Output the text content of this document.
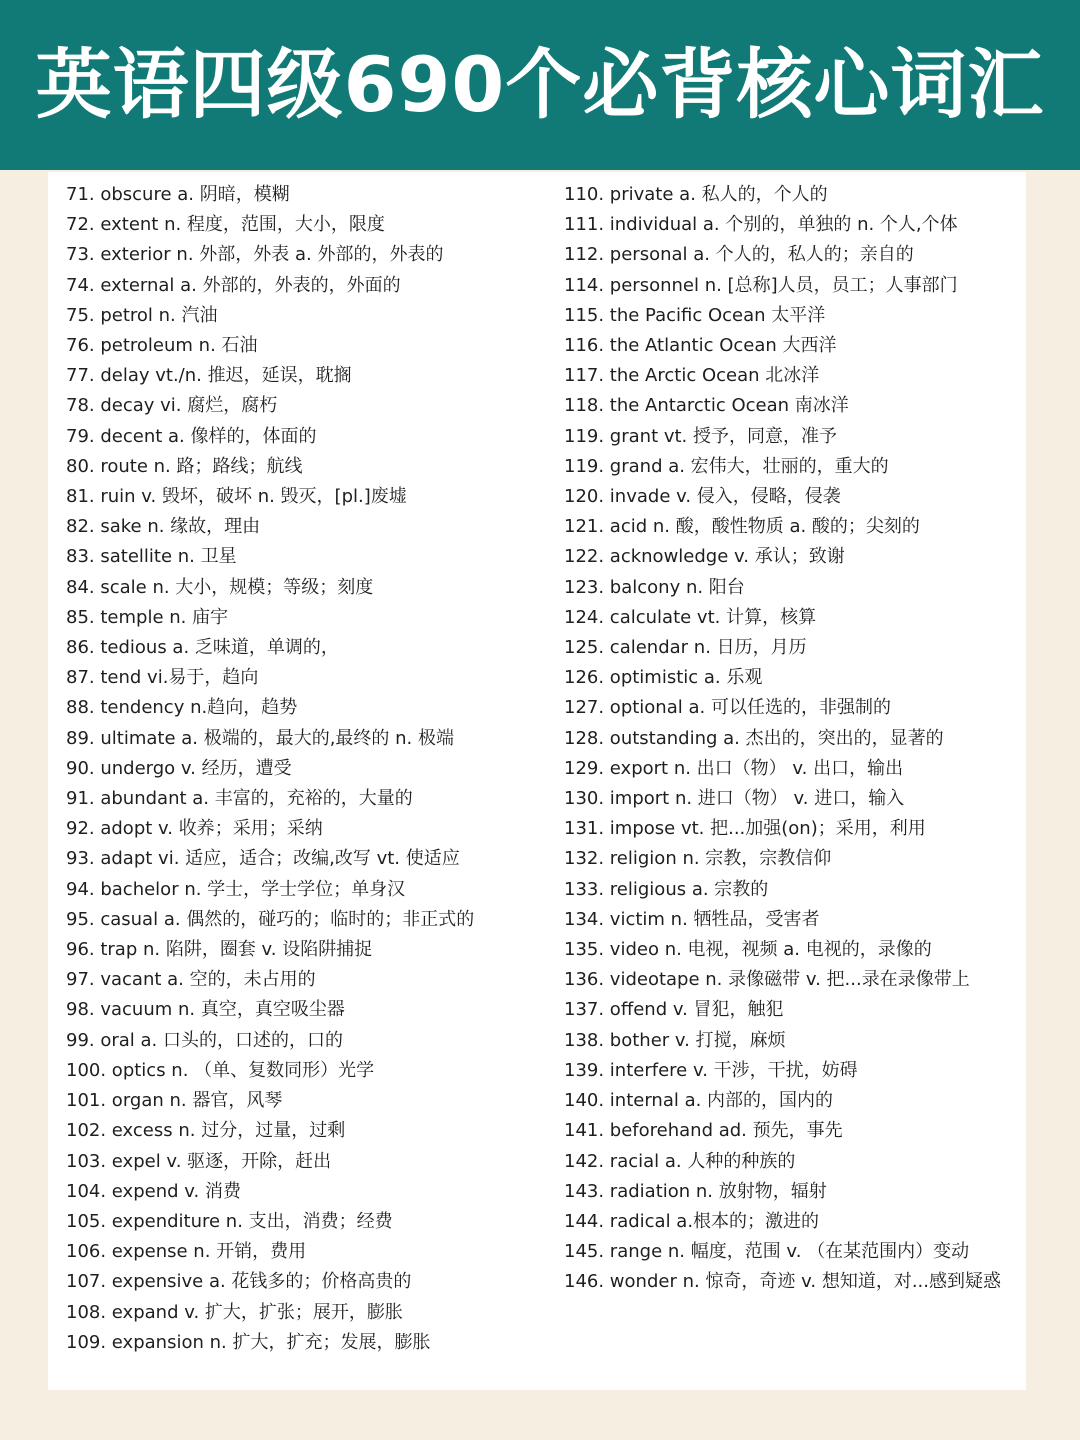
英语四级690个必背核心词汇
71. obscure a. 阴暗，模糊
72. extent n. 程度，范围，大小，限度
73. exterior n. 外部，外表 a. 外部的，外表的
74. external a. 外部的，外表的，外面的
75. petrol n. 汽油
76. petroleum n. 石油
77. delay vt./n. 推迟，延误，耽搁
78. decay vi. 腐烂，腐朽
79. decent a. 像样的，体面的
80. route n. 路；路线；航线
81. ruin v. 毁坏，破坏 n. 毁灭，[pl.]废墟
82. sake n. 缘故，理由
83. satellite n. 卫星
84. scale n. 大小，规模；等级；刻度
85. temple n. 庙宇
86. tedious a. 乏味道，单调的，
87. tend vi.易于，趋向
88. tendency n.趋向，趋势
89. ultimate a. 极端的，最大的,最终的 n. 极端
90. undergo v. 经历，遭受
91. abundant a. 丰富的，充裕的，大量的
92. adopt v. 收养；采用；采纳
93. adapt vi. 适应，适合；改编,改写 vt. 使适应
94. bachelor n. 学士，学士学位；单身汉
95. casual a. 偶然的，碰巧的；临时的；非正式的
96. trap n. 陷阱，圈套 v. 设陷阱捕捉
97. vacant a. 空的，未占用的
98. vacuum n. 真空，真空吸尘器
99. oral a. 口头的，口述的，口的
100. optics n. （单、复数同形）光学
101. organ n. 器官，风琴
102. excess n. 过分，过量，过剩
103. expel v. 驱逐，开除，赶出
104. expend v. 消费
105. expenditure n. 支出，消费；经费
106. expense n. 开销，费用
107. expensive a. 花钱多的；价格高贵的
108. expand v. 扩大，扩张；展开，膨胀
109. expansion n. 扩大，扩充；发展，膨胀
110. private a. 私人的，个人的
111. individual a. 个别的，单独的 n. 个人,个体
112. personal a. 个人的，私人的；亲自的
114. personnel n. [总称]人员，员工；人事部门
115. the Pacific Ocean 太平洋
116. the Atlantic Ocean 大西洋
117. the Arctic Ocean 北冰洋
118. the Antarctic Ocean 南冰洋
119. grant vt. 授予，同意，准予
119. grand a. 宏伟大，壮丽的，重大的
120. invade v. 侵入，侵略，侵袭
121. acid n. 酸，酸性物质 a. 酸的；尖刻的
122. acknowledge v. 承认；致谢
123. balcony n. 阳台
124. calculate vt. 计算，核算
125. calendar n. 日历，月历
126. optimistic a. 乐观
127. optional a. 可以任选的，非强制的
128. outstanding a. 杰出的，突出的，显著的
129. export n. 出口（物） v. 出口，输出
130. import n. 进口（物） v. 进口，输入
131. impose vt. 把...加强(on)；采用，利用
132. religion n. 宗教，宗教信仰
133. religious a. 宗教的
134. victim n. 牺牲品，受害者
135. video n. 电视，视频 a. 电视的，录像的
136. videotape n. 录像磁带 v. 把...录在录像带上
137. offend v. 冒犯，触犯
138. bother v. 打搅，麻烦
139. interfere v. 干涉，干扰，妨碍
140. internal a. 内部的，国内的
141. beforehand ad. 预先，事先
142. racial a. 人种的种族的
143. radiation n. 放射物，辐射
144. radical a.根本的；激进的
145. range n. 幅度，范围 v. （在某范围内）变动
146. wonder n. 惊奇，奇迹 v. 想知道，对...感到疑惑
